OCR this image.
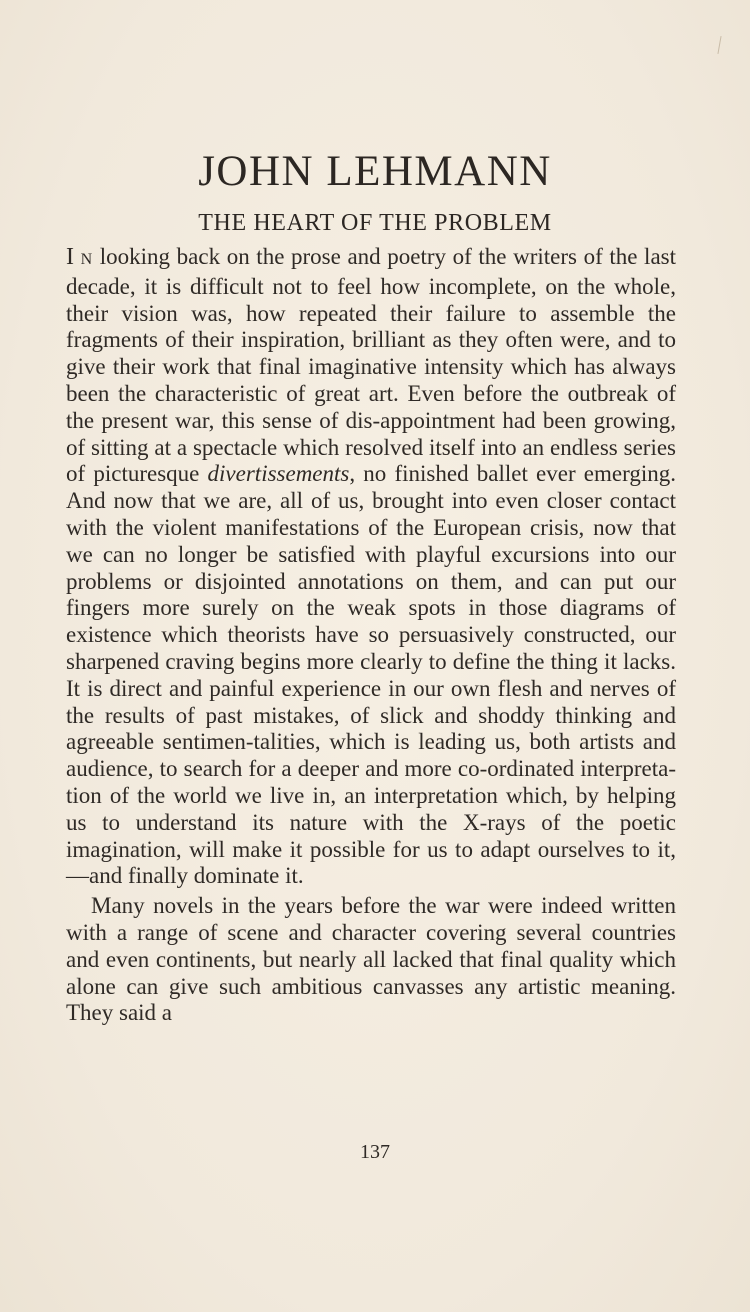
JOHN LEHMANN
THE HEART OF THE PROBLEM

I N looking back on the prose and poetry of the writers of the last decade, it is difficult not to feel how incomplete, on the whole, their vision was, how repeated their failure to assemble the fragments of their inspiration, brilliant as they often were, and to give their work that final imaginative intensity which has always been the characteristic of great art. Even before the outbreak of the present war, this sense of dis-appointment had been growing, of sitting at a spectacle which resolved itself into an endless series of picturesque divertissements, no finished ballet ever emerging. And now that we are, all of us, brought into even closer contact with the violent manifestations of the European crisis, now that we can no longer be satisfied with playful excursions into our problems or disjointed annotations on them, and can put our fingers more surely on the weak spots in those diagrams of existence which theorists have so persuasively constructed, our sharpened craving begins more clearly to define the thing it lacks. It is direct and painful experience in our own flesh and nerves of the results of past mistakes, of slick and shoddy thinking and agreeable sentimen-talities, which is leading us, both artists and audience, to search for a deeper and more co-ordinated interpreta-tion of the world we live in, an interpretation which, by helping us to understand its nature with the X-rays of the poetic imagination, will make it possible for us to adapt ourselves to it,—and finally dominate it.

Many novels in the years before the war were indeed written with a range of scene and character covering several countries and even continents, but nearly all lacked that final quality which alone can give such ambitious canvasses any artistic meaning. They said a

137
